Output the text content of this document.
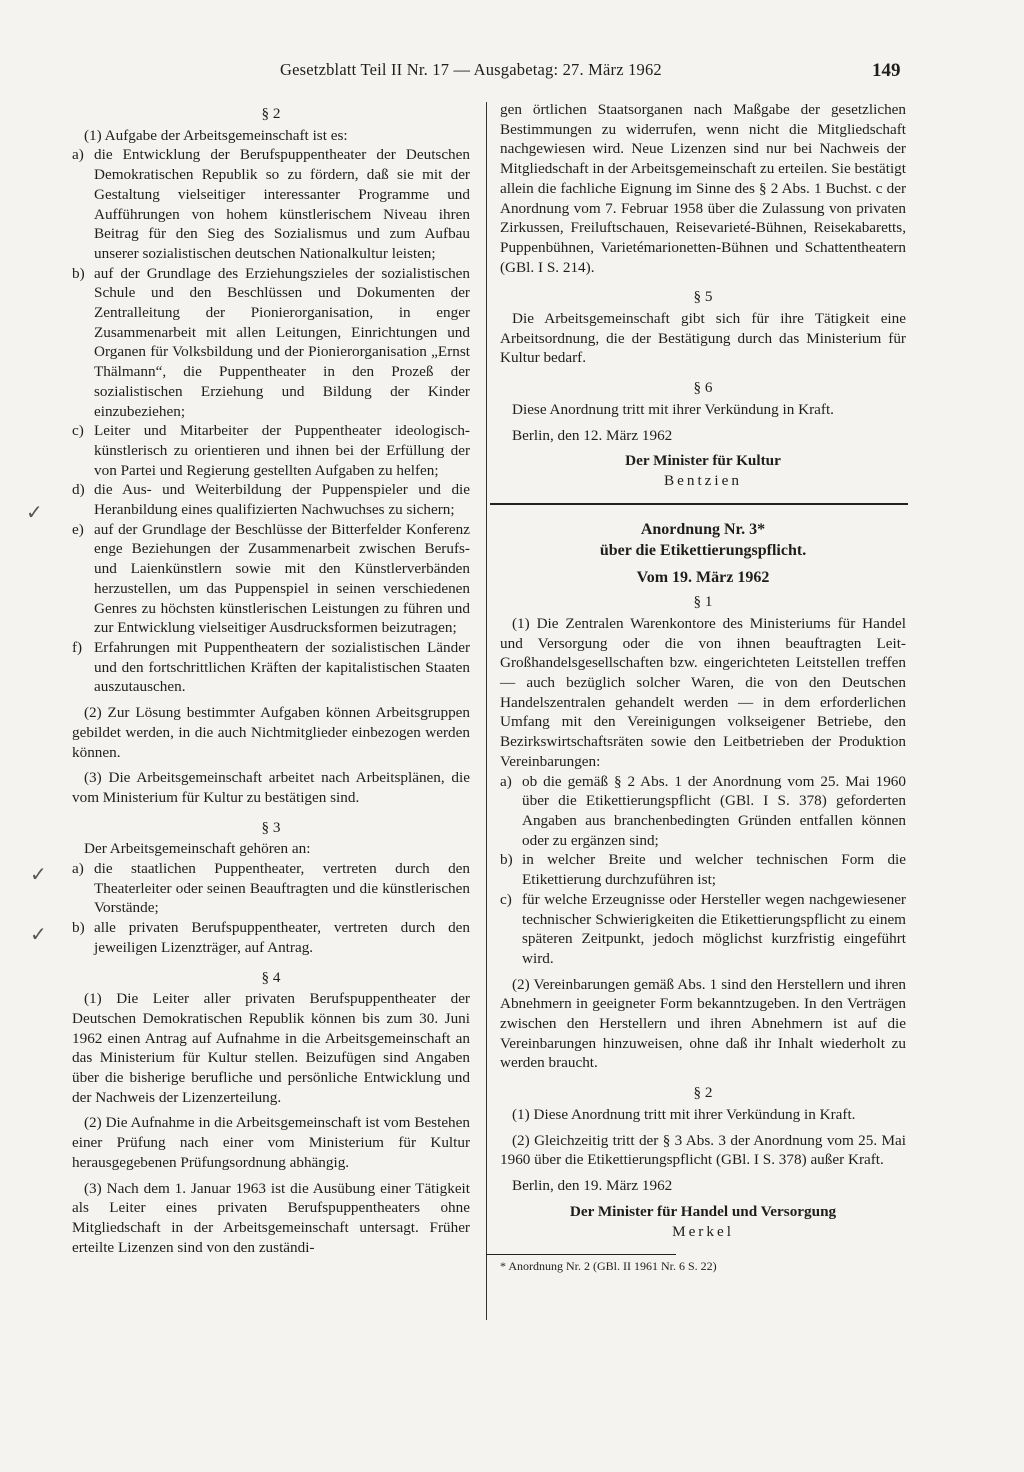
Gesetzblatt Teil II Nr. 17 — Ausgabetag: 27. März 1962	149
✓
✓
✓

§ 2

(1) Aufgabe der Arbeitsgemeinschaft ist es:

a) die Entwicklung der Berufspuppentheater der Deutschen Demokratischen Republik so zu fördern, daß sie mit der Gestaltung vielseitiger interessanter Programme und Aufführungen von hohem künstlerischem Niveau ihren Beitrag für den Sieg des Sozialismus und zum Aufbau unserer sozialistischen deutschen Nationalkultur leisten;

b) auf der Grundlage des Erziehungszieles der sozialistischen Schule und den Beschlüssen und Dokumenten der Zentralleitung der Pionierorganisation, in enger Zusammenarbeit mit allen Leitungen, Einrichtungen und Organen für Volksbildung und der Pionierorganisation „Ernst Thälmann“, die Puppentheater in den Prozeß der sozialistischen Erziehung und Bildung der Kinder einzubeziehen;

c) Leiter und Mitarbeiter der Puppentheater ideologisch-künstlerisch zu orientieren und ihnen bei der Erfüllung der von Partei und Regierung gestellten Aufgaben zu helfen;

d) die Aus- und Weiterbildung der Puppenspieler und die Heranbildung eines qualifizierten Nachwuchses zu sichern;

e) auf der Grundlage der Beschlüsse der Bitterfelder Konferenz enge Beziehungen der Zusammenarbeit zwischen Berufs- und Laienkünstlern sowie mit den Künstlerverbänden herzustellen, um das Puppenspiel in seinen verschiedenen Genres zu höchsten künstlerischen Leistungen zu führen und zur Entwicklung vielseitiger Ausdrucksformen beizutragen;

f) Erfahrungen mit Puppentheatern der sozialistischen Länder und den fortschrittlichen Kräften der kapitalistischen Staaten auszutauschen.

(2) Zur Lösung bestimmter Aufgaben können Arbeitsgruppen gebildet werden, in die auch Nichtmitglieder einbezogen werden können.

(3) Die Arbeitsgemeinschaft arbeitet nach Arbeitsplänen, die vom Ministerium für Kultur zu bestätigen sind.

§ 3

Der Arbeitsgemeinschaft gehören an:

a) die staatlichen Puppentheater, vertreten durch den Theaterleiter oder seinen Beauftragten und die künstlerischen Vorstände;

b) alle privaten Berufspuppentheater, vertreten durch den jeweiligen Lizenzträger, auf Antrag.

§ 4

(1) Die Leiter aller privaten Berufspuppentheater der Deutschen Demokratischen Republik können bis zum 30. Juni 1962 einen Antrag auf Aufnahme in die Arbeitsgemeinschaft an das Ministerium für Kultur stellen. Beizufügen sind Angaben über die bisherige berufliche und persönliche Entwicklung und der Nachweis der Lizenzerteilung.

(2) Die Aufnahme in die Arbeitsgemeinschaft ist vom Bestehen einer Prüfung nach einer vom Ministerium für Kultur herausgegebenen Prüfungsordnung abhängig.

(3) Nach dem 1. Januar 1963 ist die Ausübung einer Tätigkeit als Leiter eines privaten Berufspuppentheaters ohne Mitgliedschaft in der Arbeitsgemeinschaft untersagt. Früher erteilte Lizenzen sind von den zuständi-

gen örtlichen Staatsorganen nach Maßgabe der gesetzlichen Bestimmungen zu widerrufen, wenn nicht die Mitgliedschaft nachgewiesen wird. Neue Lizenzen sind nur bei Nachweis der Mitgliedschaft in der Arbeitsgemeinschaft zu erteilen. Sie bestätigt allein die fachliche Eignung im Sinne des § 2 Abs. 1 Buchst. c der Anordnung vom 7. Februar 1958 über die Zulassung von privaten Zirkussen, Freiluftschauen, Reisevarieté-Bühnen, Reisekabaretts, Puppenbühnen, Varietémarionetten-Bühnen und Schattentheatern (GBl. I S. 214).

§ 5

Die Arbeitsgemeinschaft gibt sich für ihre Tätigkeit eine Arbeitsordnung, die der Bestätigung durch das Ministerium für Kultur bedarf.

§ 6

Diese Anordnung tritt mit ihrer Verkündung in Kraft.

Berlin, den 12. März 1962

Der Minister für Kultur

Bentzien

Anordnung Nr. 3*

über die Etikettierungspflicht.

Vom 19. März 1962

§ 1

(1) Die Zentralen Warenkontore des Ministeriums für Handel und Versorgung oder die von ihnen beauftragten Leit-Großhandelsgesellschaften bzw. eingerichteten Leitstellen treffen — auch bezüglich solcher Waren, die von den Deutschen Handelszentralen gehandelt werden — in dem erforderlichen Umfang mit den Vereinigungen volkseigener Betriebe, den Bezirkswirtschaftsräten sowie den Leitbetrieben der Produktion Vereinbarungen:

a) ob die gemäß § 2 Abs. 1 der Anordnung vom 25. Mai 1960 über die Etikettierungspflicht (GBl. I S. 378) geforderten Angaben aus branchenbedingten Gründen entfallen können oder zu ergänzen sind;

b) in welcher Breite und welcher technischen Form die Etikettierung durchzuführen ist;

c) für welche Erzeugnisse oder Hersteller wegen nachgewiesener technischer Schwierigkeiten die Etikettierungspflicht zu einem späteren Zeitpunkt, jedoch möglichst kurzfristig eingeführt wird.

(2) Vereinbarungen gemäß Abs. 1 sind den Herstellern und ihren Abnehmern in geeigneter Form bekanntzugeben. In den Verträgen zwischen den Herstellern und ihren Abnehmern ist auf die Vereinbarungen hinzuweisen, ohne daß ihr Inhalt wiederholt zu werden braucht.

§ 2

(1) Diese Anordnung tritt mit ihrer Verkündung in Kraft.

(2) Gleichzeitig tritt der § 3 Abs. 3 der Anordnung vom 25. Mai 1960 über die Etikettierungspflicht (GBl. I S. 378) außer Kraft.

Berlin, den 19. März 1962

Der Minister für Handel und Versorgung

Merkel

* Anordnung Nr. 2 (GBl. II 1961 Nr. 6 S. 22)
